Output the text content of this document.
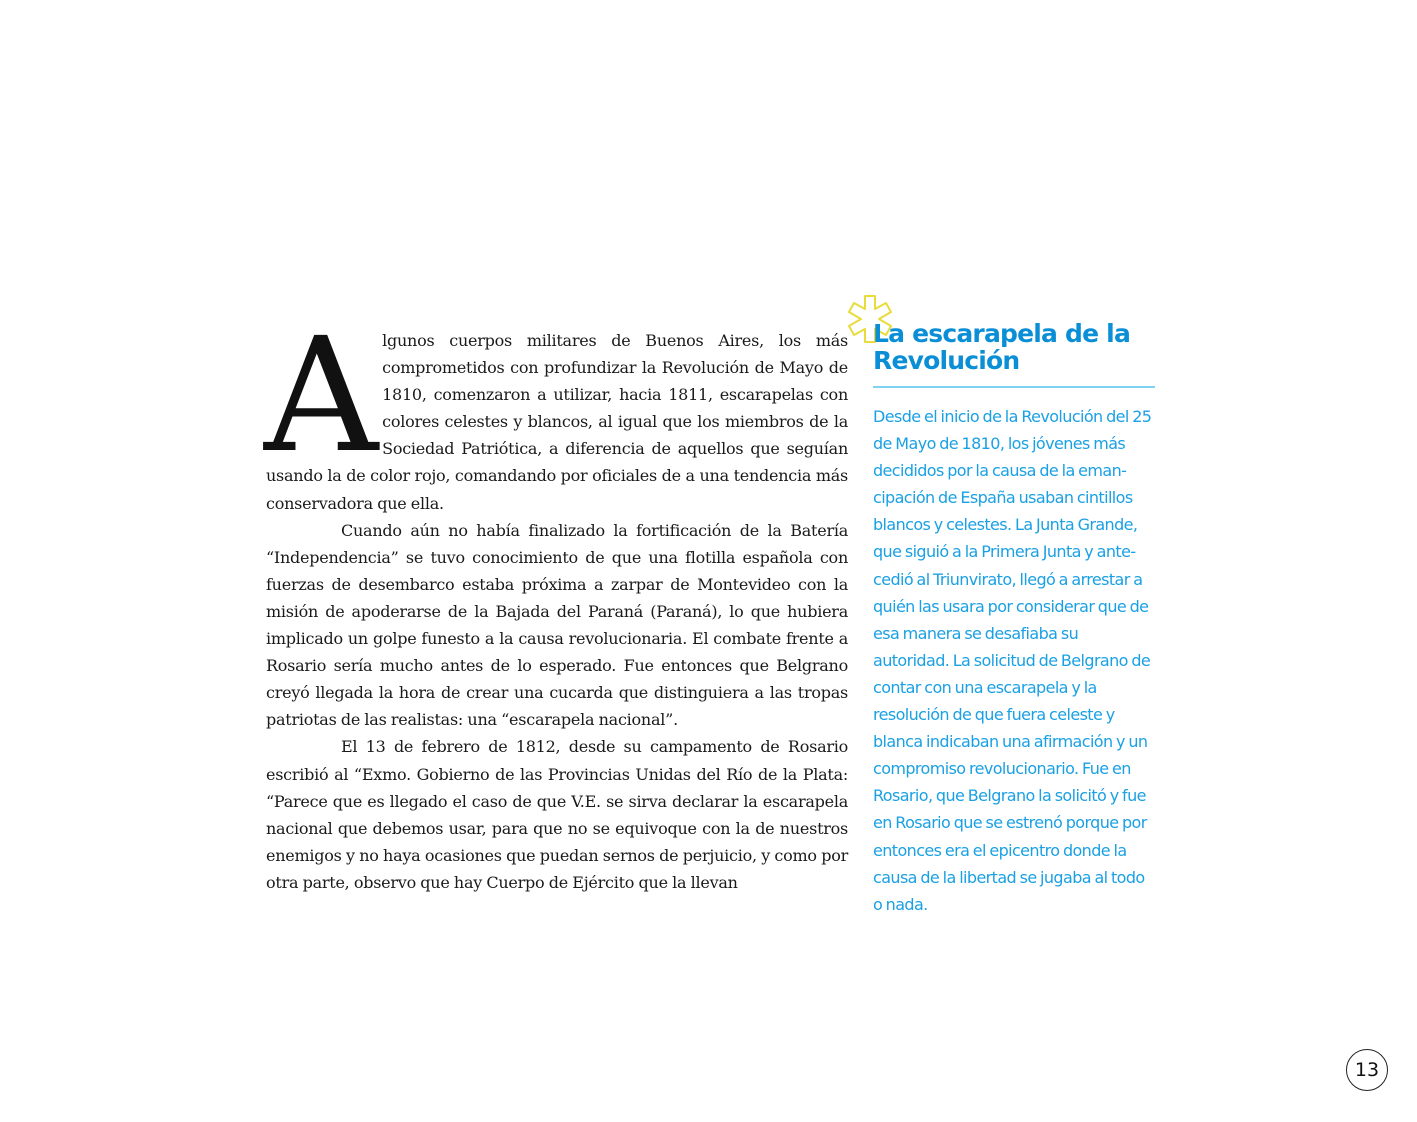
Algunos cuerpos militares de Buenos Aires, los más comprometidos con profundizar la Revolución de Mayo de 1810, comenzaron a utilizar, hacia 1811, escarapelas con colores celestes y blancos, al igual que los miembros de la Sociedad Patriótica, a diferencia de aquellos que seguían usando la de color rojo, comandando por oficiales de a una tendencia más conservadora que ella.

Cuando aún no había finalizado la fortificación de la Batería “Independencia” se tuvo conocimiento de que una flotilla española con fuerzas de desembarco estaba próxima a zarpar de Montevideo con la misión de apoderarse de la Bajada del Paraná (Paraná), lo que hubiera implicado un golpe funesto a la causa revolucionaria. El combate frente a Rosario sería mucho antes de lo esperado. Fue entonces que Belgrano creyó llegada la hora de crear una cucarda que distinguiera a las tropas patriotas de las realistas: una “escarapela nacional”.

El 13 de febrero de 1812, desde su campamento de Rosario escribió al “Exmo. Gobierno de las Provincias Unidas del Río de la Plata: “Parece que es llegado el caso de que V.E. se sirva declarar la escarapela nacional que debemos usar, para que no se equivoque con la de nuestros enemigos y no haya ocasiones que puedan sernos de perjuicio, y como por otra parte, observo que hay Cuerpo de Ejército que la llevan

La escarapela de la Revolución

Desde el inicio de la Revolución del 25 de Mayo de 1810, los jóvenes más decididos por la causa de la emancipación de España usaban cintillos blancos y celestes. La Junta Grande, que siguió a la Primera Junta y antecedió al Triunvirato, llegó a arrestar a quién las usara por considerar que de esa manera se desafiaba su autoridad. La solicitud de Belgrano de contar con una escarapela y la resolución de que fuera celeste y blanca indicaban una afirmación y un compromiso revolucionario. Fue en Rosario, que Belgrano la solicitó y fue en Rosario que se estrenó porque por entonces era el epicentro donde la causa de la libertad se jugaba al todo o nada.

13
